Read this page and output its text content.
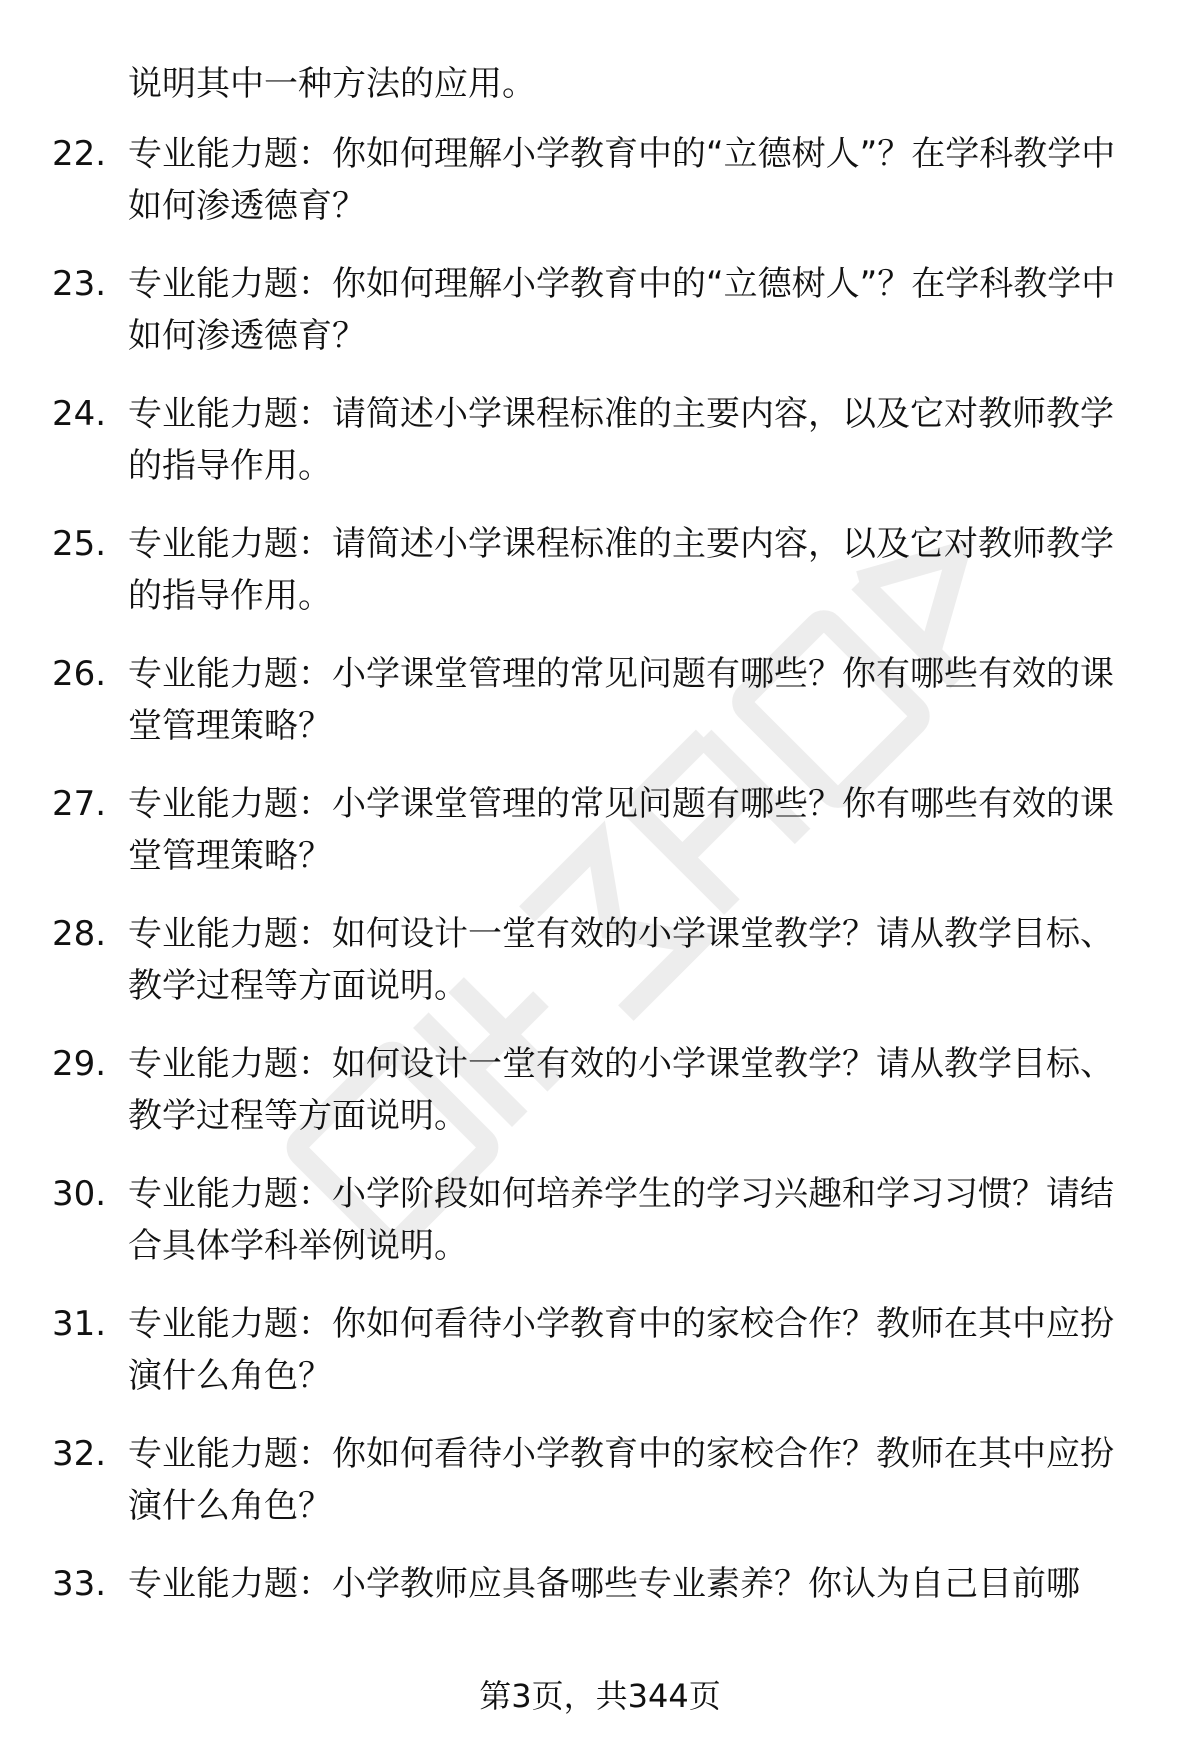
说明其中一种方法的应用。
22. 专业能力题：你如何理解小学教育中的“立德树人”？在学科教学中如何渗透德育？
23. 专业能力题：你如何理解小学教育中的“立德树人”？在学科教学中如何渗透德育？
24. 专业能力题：请简述小学课程标准的主要内容，以及它对教师教学的指导作用。
25. 专业能力题：请简述小学课程标准的主要内容，以及它对教师教学的指导作用。
26. 专业能力题：小学课堂管理的常见问题有哪些？你有哪些有效的课堂管理策略？
27. 专业能力题：小学课堂管理的常见问题有哪些？你有哪些有效的课堂管理策略？
28. 专业能力题：如何设计一堂有效的小学课堂教学？请从教学目标、教学过程等方面说明。
29. 专业能力题：如何设计一堂有效的小学课堂教学？请从教学目标、教学过程等方面说明。
30. 专业能力题：小学阶段如何培养学生的学习兴趣和学习习惯？请结合具体学科举例说明。
31. 专业能力题：你如何看待小学教育中的家校合作？教师在其中应扮演什么角色？
32. 专业能力题：你如何看待小学教育中的家校合作？教师在其中应扮演什么角色？
33. 专业能力题：小学教师应具备哪些专业素养？你认为自己目前哪
第3页，共344页
